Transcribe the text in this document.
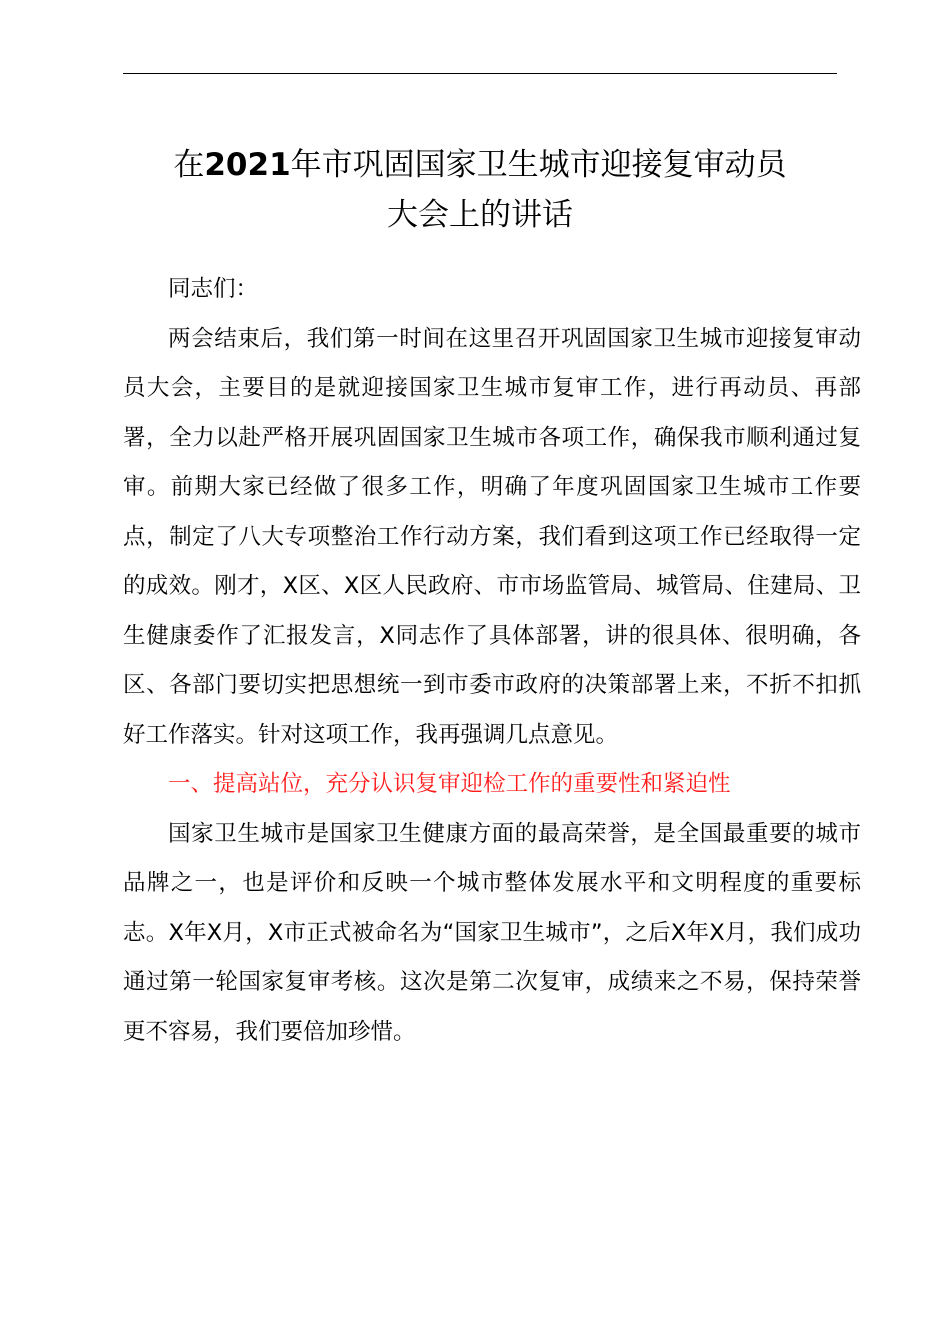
在2021年市巩固国家卫生城市迎接复审动员
大会上的讲话

同志们：

两会结束后，我们第一时间在这里召开巩固国家卫生城市迎接复审动员大会，主要目的是就迎接国家卫生城市复审工作，进行再动员、再部署，全力以赴严格开展巩固国家卫生城市各项工作，确保我市顺利通过复审。前期大家已经做了很多工作，明确了年度巩固国家卫生城市工作要点，制定了八大专项整治工作行动方案，我们看到这项工作已经取得一定的成效。刚才，X区、X区人民政府、市市场监管局、城管局、住建局、卫生健康委作了汇报发言，X同志作了具体部署，讲的很具体、很明确，各区、各部门要切实把思想统一到市委市政府的决策部署上来，不折不扣抓好工作落实。针对这项工作，我再强调几点意见。

一、提高站位，充分认识复审迎检工作的重要性和紧迫性

国家卫生城市是国家卫生健康方面的最高荣誉，是全国最重要的城市品牌之一，也是评价和反映一个城市整体发展水平和文明程度的重要标志。X年X月，X市正式被命名为“国家卫生城市”，之后X年X月，我们成功通过第一轮国家复审考核。这次是第二次复审，成绩来之不易，保持荣誉更不容易，我们要倍加珍惜。
